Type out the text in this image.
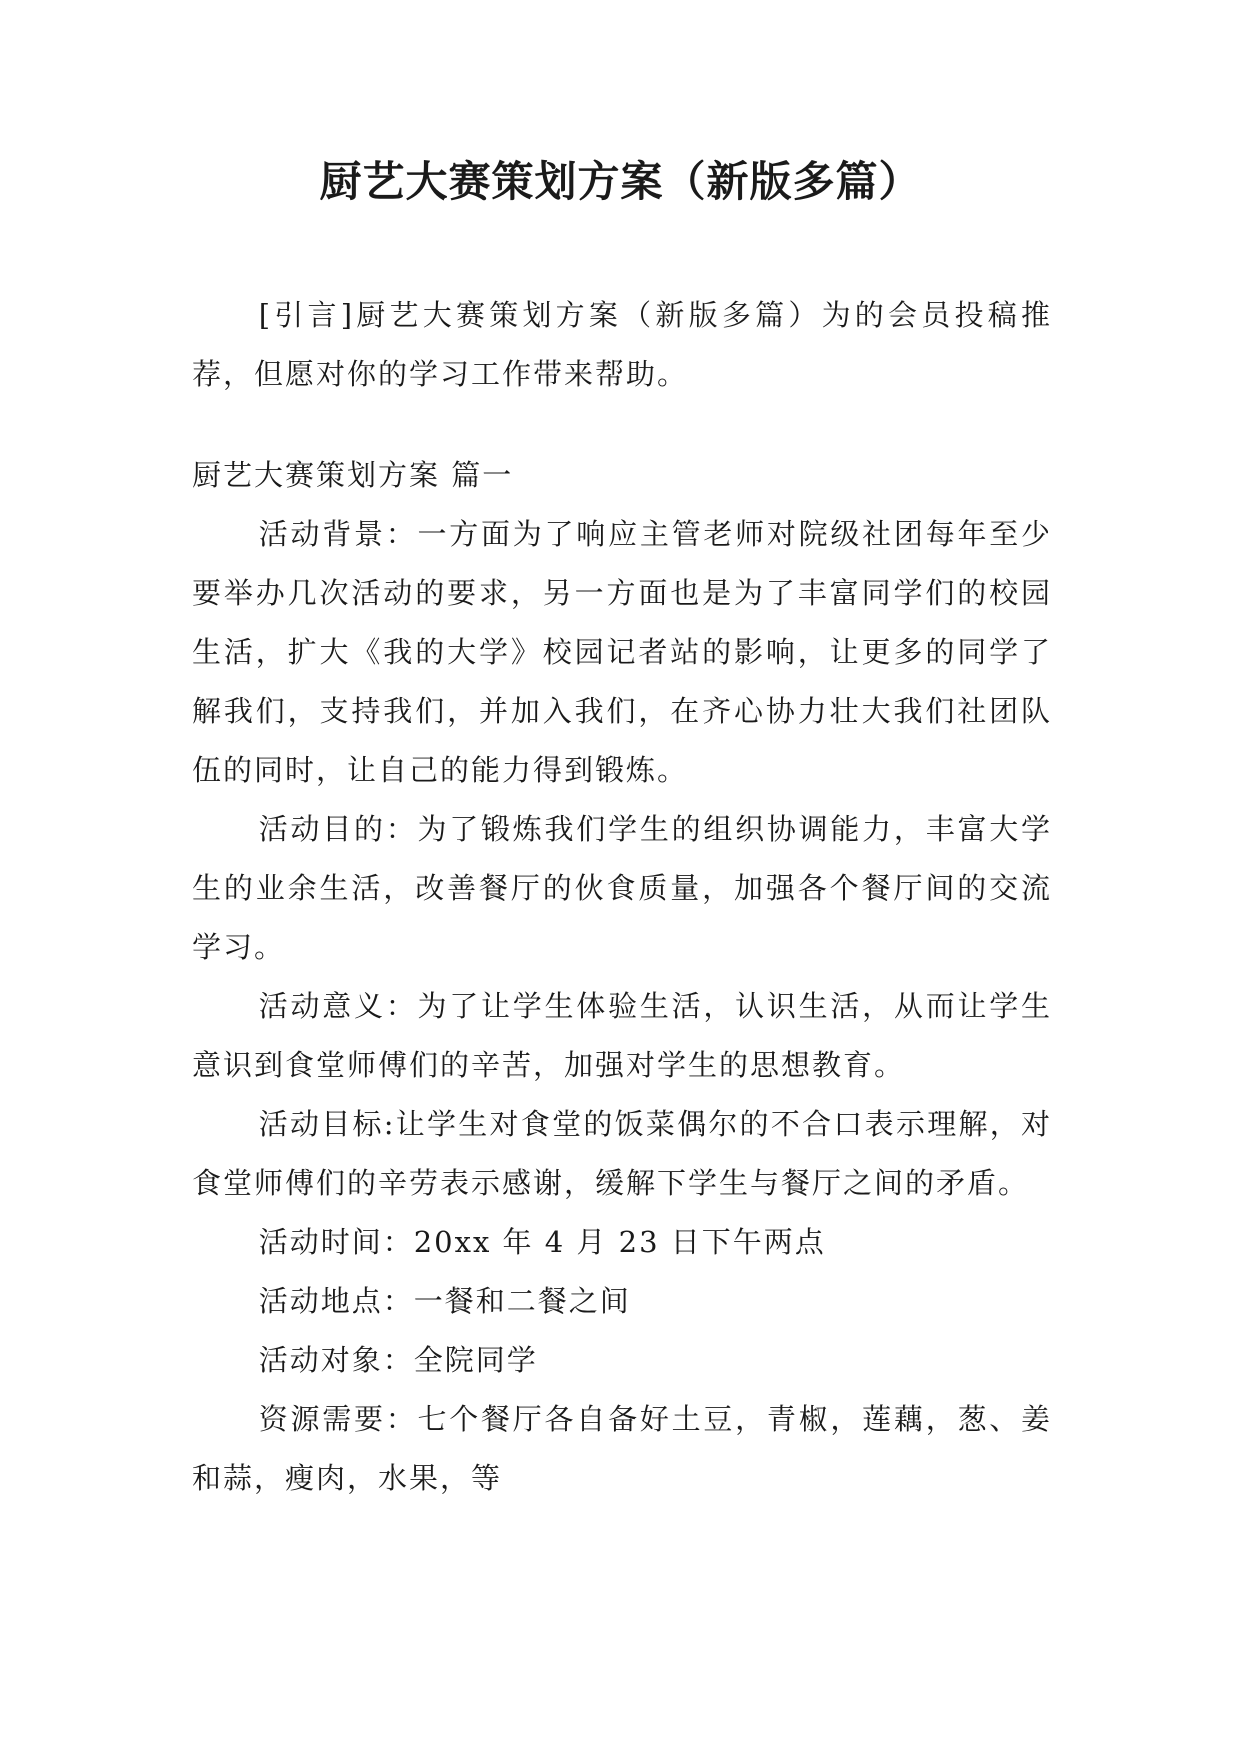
厨艺大赛策划方案（新版多篇）

[引言]厨艺大赛策划方案（新版多篇）为的会员投稿推荐，但愿对你的学习工作带来帮助。

厨艺大赛策划方案 篇一

活动背景：一方面为了响应主管老师对院级社团每年至少要举办几次活动的要求，另一方面也是为了丰富同学们的校园生活，扩大《我的大学》校园记者站的影响，让更多的同学了解我们，支持我们，并加入我们，在齐心协力壮大我们社团队伍的同时，让自己的能力得到锻炼。

活动目的：为了锻炼我们学生的组织协调能力，丰富大学生的业余生活，改善餐厅的伙食质量，加强各个餐厅间的交流学习。

活动意义：为了让学生体验生活，认识生活，从而让学生意识到食堂师傅们的辛苦，加强对学生的思想教育。

活动目标:让学生对食堂的饭菜偶尔的不合口表示理解，对食堂师傅们的辛劳表示感谢，缓解下学生与餐厅之间的矛盾。

活动时间：20xx 年 4 月 23 日下午两点

活动地点：一餐和二餐之间

活动对象：全院同学

资源需要：七个餐厅各自备好土豆，青椒，莲藕，葱、姜和蒜，瘦肉，水果，等
